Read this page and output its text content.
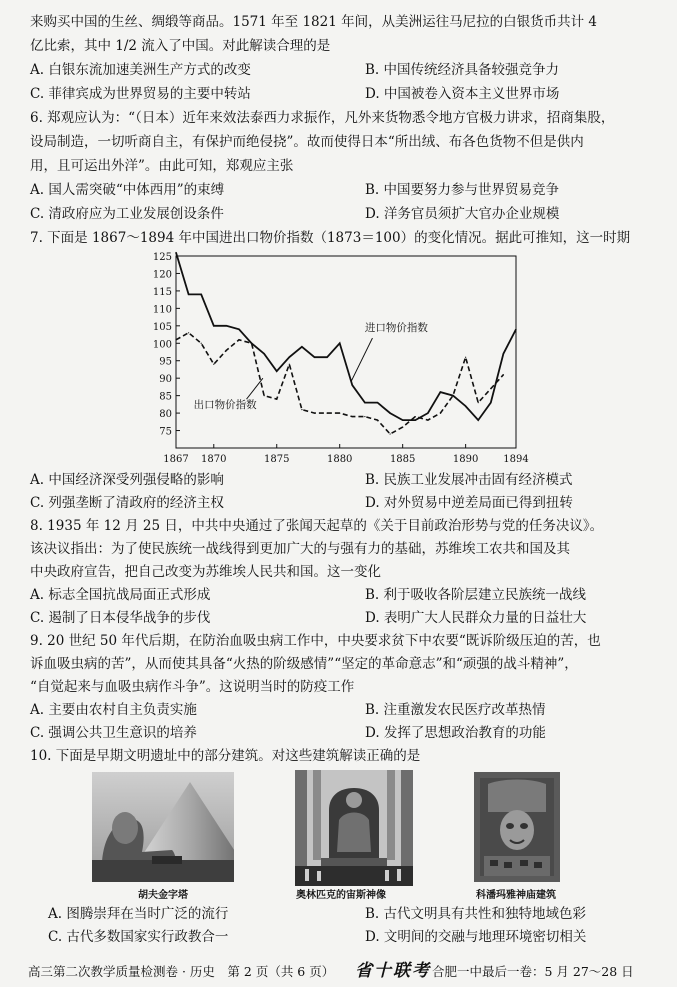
来购买中国的生丝、绸缎等商品。1571 年至 1821 年间，从美洲运往马尼拉的白银货币共计 4
亿比索，其中 1/2 流入了中国。对此解读合理的是
A. 白银东流加速美洲生产方式的改变	B. 中国传统经济具备较强竞争力
C. 菲律宾成为世界贸易的主要中转站	D. 中国被卷入资本主义世界市场
6. 郑观应认为：“（日本）近年来效法泰西力求振作，凡外来货物悉令地方官极力讲求，招商集股，
设局制造，一切听商自主，有保护而绝侵挠”。故而使得日本“所出绒、布各色货物不但是供内
用，且可运出外洋”。由此可知，郑观应主张
A. 国人需突破“中体西用”的束缚	B. 中国要努力参与世界贸易竞争
C. 清政府应为工业发展创设条件	D. 洋务官员须扩大官办企业规模
7. 下面是 1867～1894 年中国进出口物价指数（1873＝100）的变化情况。据此可推知，这一时期
75
80
85
90
95
100
105
110
115
120
125
1867 1870	1875	1880	1885	1890 1894
进口物价指数
出口物价指数
A. 中国经济深受列强侵略的影响	B. 民族工业发展冲击固有经济模式
C. 列强垄断了清政府的经济主权	D. 对外贸易中逆差局面已得到扭转
8. 1935 年 12 月 25 日，中共中央通过了张闻天起草的《关于目前政治形势与党的任务决议》。
该决议指出：为了使民族统一战线得到更加广大的与强有力的基础，苏维埃工农共和国及其
中央政府宣告，把自己改变为苏维埃人民共和国。这一变化
A. 标志全国抗战局面正式形成	B. 利于吸收各阶层建立民族统一战线
C. 遏制了日本侵华战争的步伐	D. 表明广大人民群众力量的日益壮大
9. 20 世纪 50 年代后期，在防治血吸虫病工作中，中央要求贫下中农要“既诉阶级压迫的苦，也
诉血吸虫病的苦”，从而使其具备“火热的阶级感情”“坚定的革命意志”和“顽强的战斗精神”，
“自觉起来与血吸虫病作斗争”。这说明当时的防疫工作
A. 主要由农村自主负责实施	B. 注重激发农民医疗改革热情
C. 强调公共卫生意识的培养	D. 发挥了思想政治教育的功能
10. 下面是早期文明遗址中的部分建筑。对这些建筑解读正确的是
胡夫金字塔	奥林匹克的宙斯神像	科潘玛雅神庙建筑
A. 图腾崇拜在当时广泛的流行	B. 古代文明具有共性和独特地域色彩
C. 古代多数国家实行政教合一	D. 文明间的交融与地理环境密切相关
高三第二次教学质量检测卷 · 历史　第 2 页（共 6 页） 省十联考 合肥一中最后一卷：5 月 27～28 日
